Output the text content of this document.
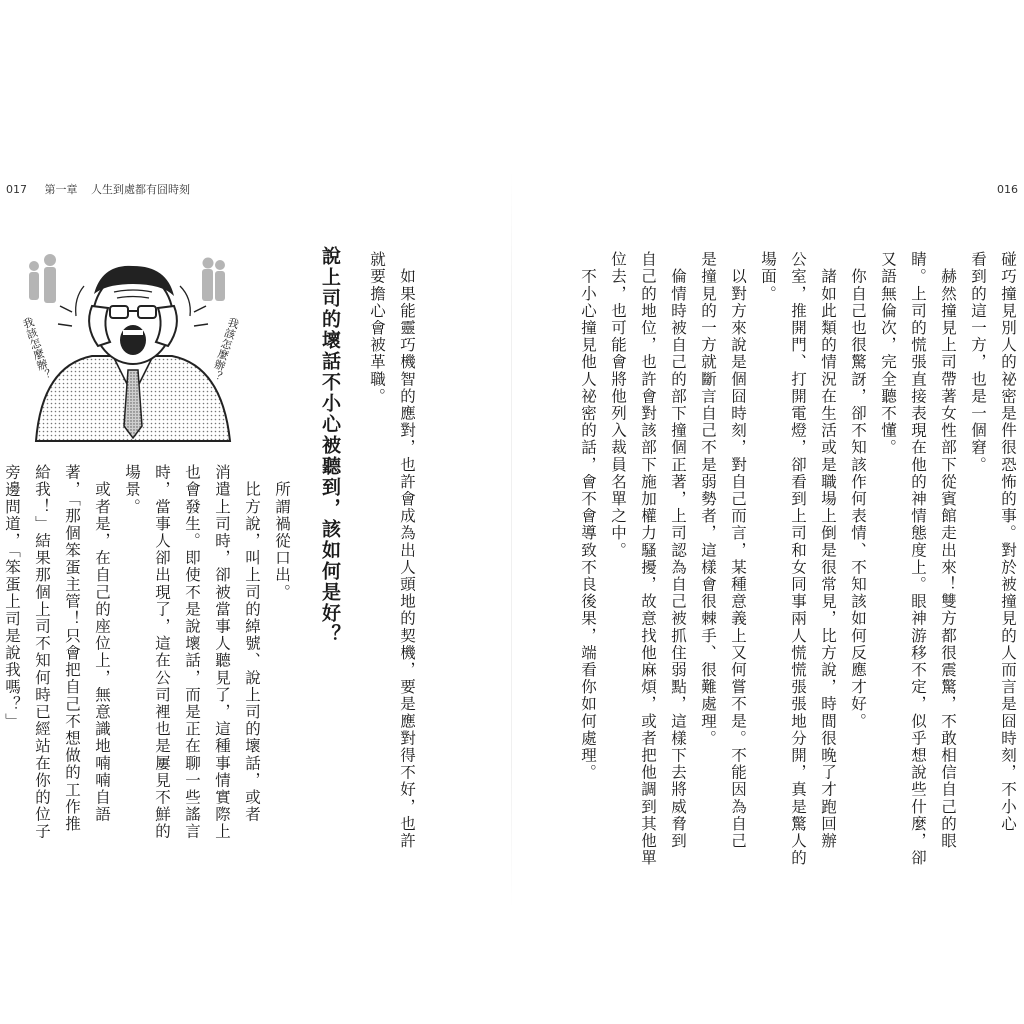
017 第一章 人生到處都有囧時刻	016
碰巧撞見別人的祕密是件很恐怖的事。對於被撞見的人而言是囧時刻，不小心
看到的這一方，也是一個窘。
　赫然撞見上司帶著女性部下從賓館走出來！雙方都很震驚，不敢相信自己的眼
睛。上司的慌張直接表現在他的神情態度上。眼神游移不定，似乎想說些什麼，卻
又語無倫次，完全聽不懂。
　你自己也很驚訝，卻不知該作何表情、不知該如何反應才好。
　諸如此類的情況在生活或是職場上倒是很常見，比方說，時間很晚了才跑回辦
公室，推開門、打開電燈，卻看到上司和女同事兩人慌慌張張地分開，真是驚人的
場面。
　以對方來說是個囧時刻，對自己而言，某種意義上又何嘗不是。不能因為自己
是撞見的一方就斷言自己不是弱勢者，這樣會很棘手、很難處理。
　倫情時被自己的部下撞個正著，上司認為自己被抓住弱點，這樣下去將威脅到
自己的地位，也許會對該部下施加權力騷擾，故意找他麻煩，或者把他調到其他單
位去，也可能會將他列入裁員名單之中。
　不小心撞見他人祕密的話，會不會導致不良後果，端看你如何處理。
　如果能靈巧機智的應對，也許會成為出人頭地的契機，要是應對得不好，也許
就要擔心會被革職。
說上司的壞話不小心被聽到，該如何是好？
我該怎麼辦？	我該怎麼辦？
　所謂禍從口出。
　比方說，叫上司的綽號、說上司的壞話，或者
消遣上司時，卻被當事人聽見了，這種事情實際上
也會發生。即使不是說壞話，而是正在聊一些謠言
時，當事人卻出現了，這在公司裡也是屢見不鮮的
場景。
　或者是，在自己的座位上，無意識地喃喃自語
著，「那個笨蛋主管！只會把自己不想做的工作推
給我！」結果那個上司不知何時已經站在你的位子
旁邊問道，「笨蛋上司是說我嗎？」
